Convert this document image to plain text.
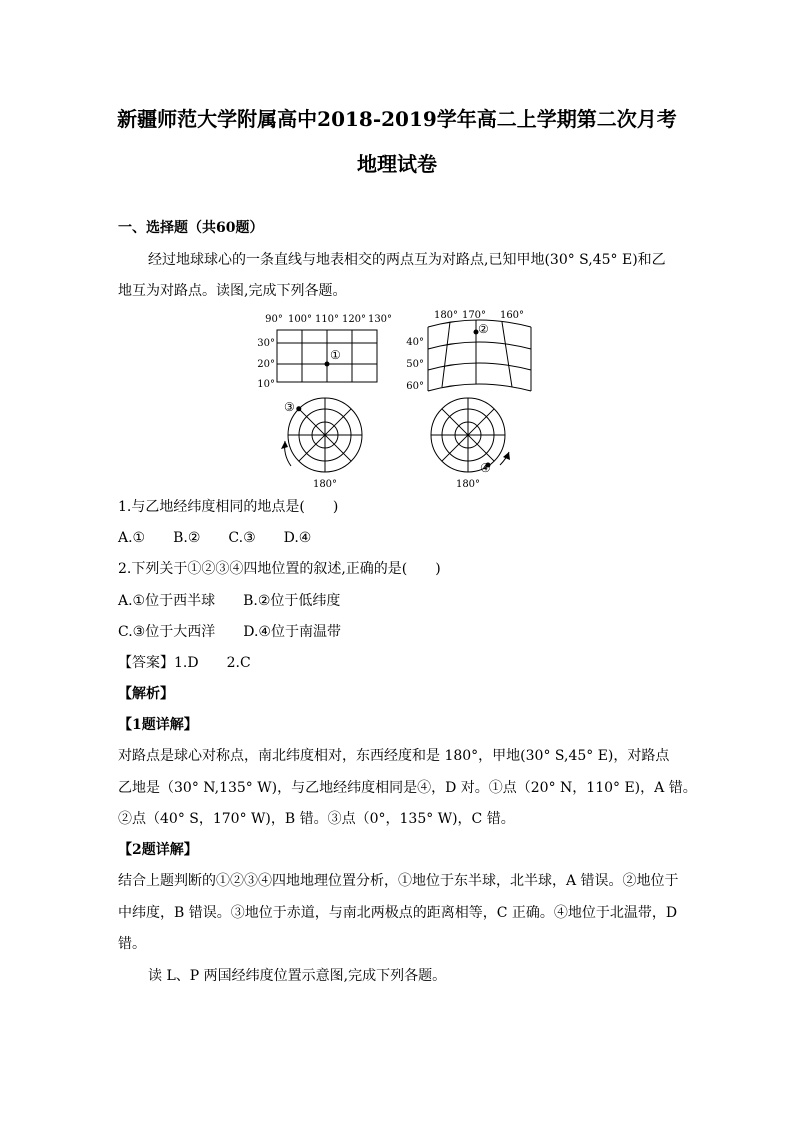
新疆师范大学附属高中2018-2019学年高二上学期第二次月考
地理试卷
一、选择题（共60题）
经过地球球心的一条直线与地表相交的两点互为对路点,已知甲地(30° S,45° E)和乙
地互为对路点。读图,完成下列各题。
90° 100° 110° 120° 130°
30°
20°
10°
①
180° 170° 160°
40°
50°
60°
②
③
180°
④
180°
1.与乙地经纬度相同的地点是(　　)
A.①　　B.②　　C.③　　D.④
2.下列关于①②③④四地位置的叙述,正确的是(　　)
A.①位于西半球　　B.②位于低纬度
C.③位于大西洋　　D.④位于南温带
【答案】1.D　　2.C
【解析】
【1题详解】
对路点是球心对称点，南北纬度相对，东西经度和是 180°，甲地(30° S,45° E)，对路点
乙地是（30° N,135° W)，与乙地经纬度相同是④，D 对。①点（20° N，110° E)，A 错。
②点（40° S，170° W)，B 错。③点（0°，135° W)，C 错。
【2题详解】
结合上题判断的①②③④四地地理位置分析，①地位于东半球，北半球，A 错误。②地位于
中纬度，B 错误。③地位于赤道，与南北两极点的距离相等，C 正确。④地位于北温带，D
错。
读 L、P 两国经纬度位置示意图,完成下列各题。
